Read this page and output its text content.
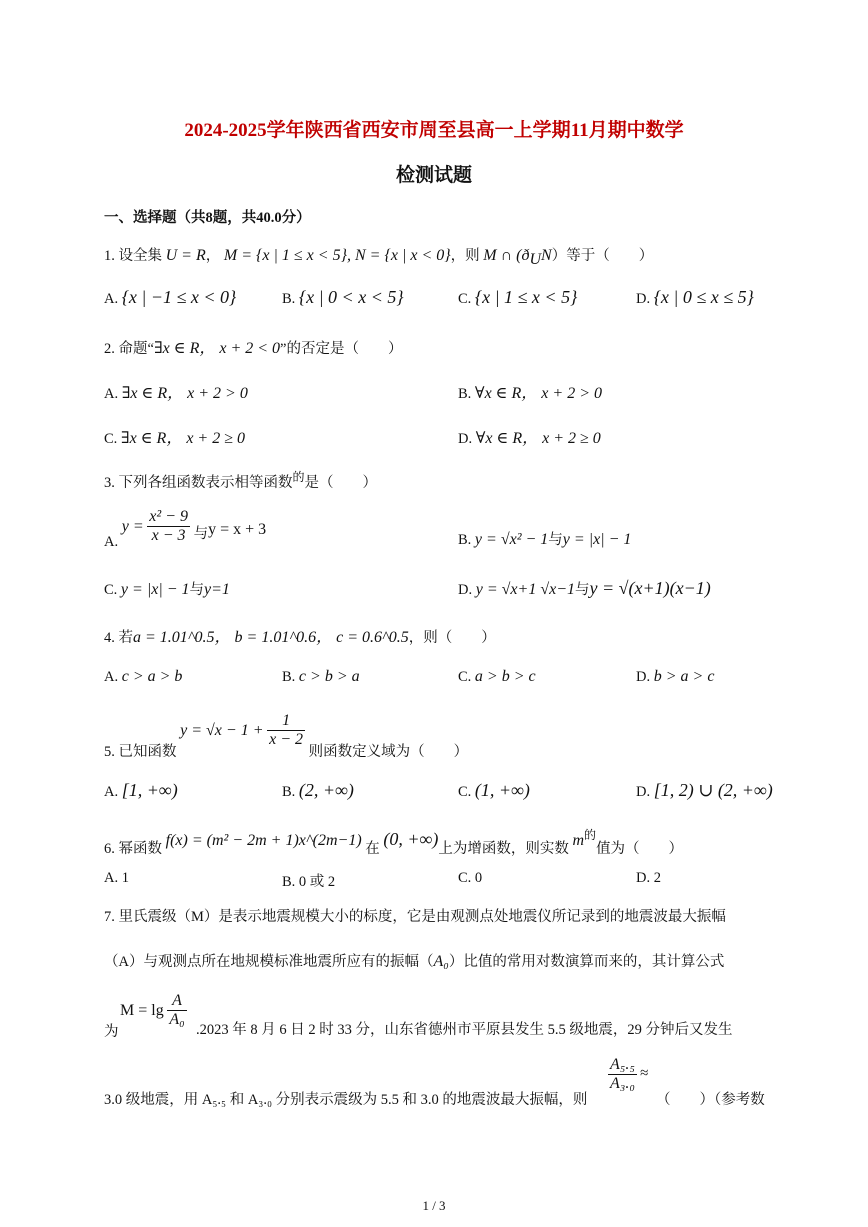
2024-2025学年陕西省西安市周至县高一上学期11月期中数学
检测试题
一、选择题（共8题，共40.0分）
1. 设全集 U = R， M = {x | 1 ≤ x < 5}, N = {x | x < 0}，则 M ∩ $(ð_UN)$等于（　　）
A. {x | −1 ≤ x < 0}	B. {x | 0 < x < 5}	C. {x | 1 ≤ x < 5}	D. {x | 0 ≤ x ≤ 5}
2. 命题“∃x ∈ R， x + 2 < 0”的否定是（　　）
A. ∃x ∈ R， x + 2 > 0	B. ∀x ∈ R， x + 2 > 0
C. ∃x ∈ R， x + 2 ≥ 0	D. ∀x ∈ R， x + 2 ≥ 0
3. 下列各组函数表示相等函数$^的$是（　　）
A. $y = \frac{\text{x² − 9}}{x - 3}$ 与y = x + 3
B. y = √x² − 1与y = |x| − 1
C. y = |x| − 1与y=1	D. y = √x+1 √x−1与y = √(x+1)(x−1)
4. 若a = 1.01^0.5， b = 1.01^0.6， c = 0.6^0.5，则（　　）
A. c > a > b	B. c > b > a	C. a > b > c	D. b > a > c
5. 已知函数 $y = √x - 1 + \frac{1}{x - 2}$
则函数定义域为（　　）
A. [1, +∞)	B. (2, +∞)	C. (1, +∞)	D. [1, 2) ∪ (2, +∞)
6. 幂函数 f(x) = (m² − 2m + 1)x^(2m−1) 在 (0, +∞)上为增函数，则实数 $m^的$值为（　　）
A. 1	B. 0 或 2	C. 0	D. 2
7. 里氏震级（M）是表示地震规模大小的标度，它是由观测点处地震仪所记录到的地震波最大振幅
（A）与观测点所在地规模标准地震所应有的振幅（A₀）比值的常用对数演算而来的，其计算公式
$M = \lg \frac{A}{\text{A₀}}$
为	.2023 年 8 月 6 日 2 时 33 分，山东省德州市平原县发生 5.5 级地震，29 分钟后又发生
$\frac{\text{A₅.₅}}{\text{A₃.₀}}$ ≈
3.0 级地震，用 A₅.₅ 和 A₃.₀ 分别表示震级为 5.5 和 3.0 的地震波最大振幅，则	（　　）（参考数
1 / 3
